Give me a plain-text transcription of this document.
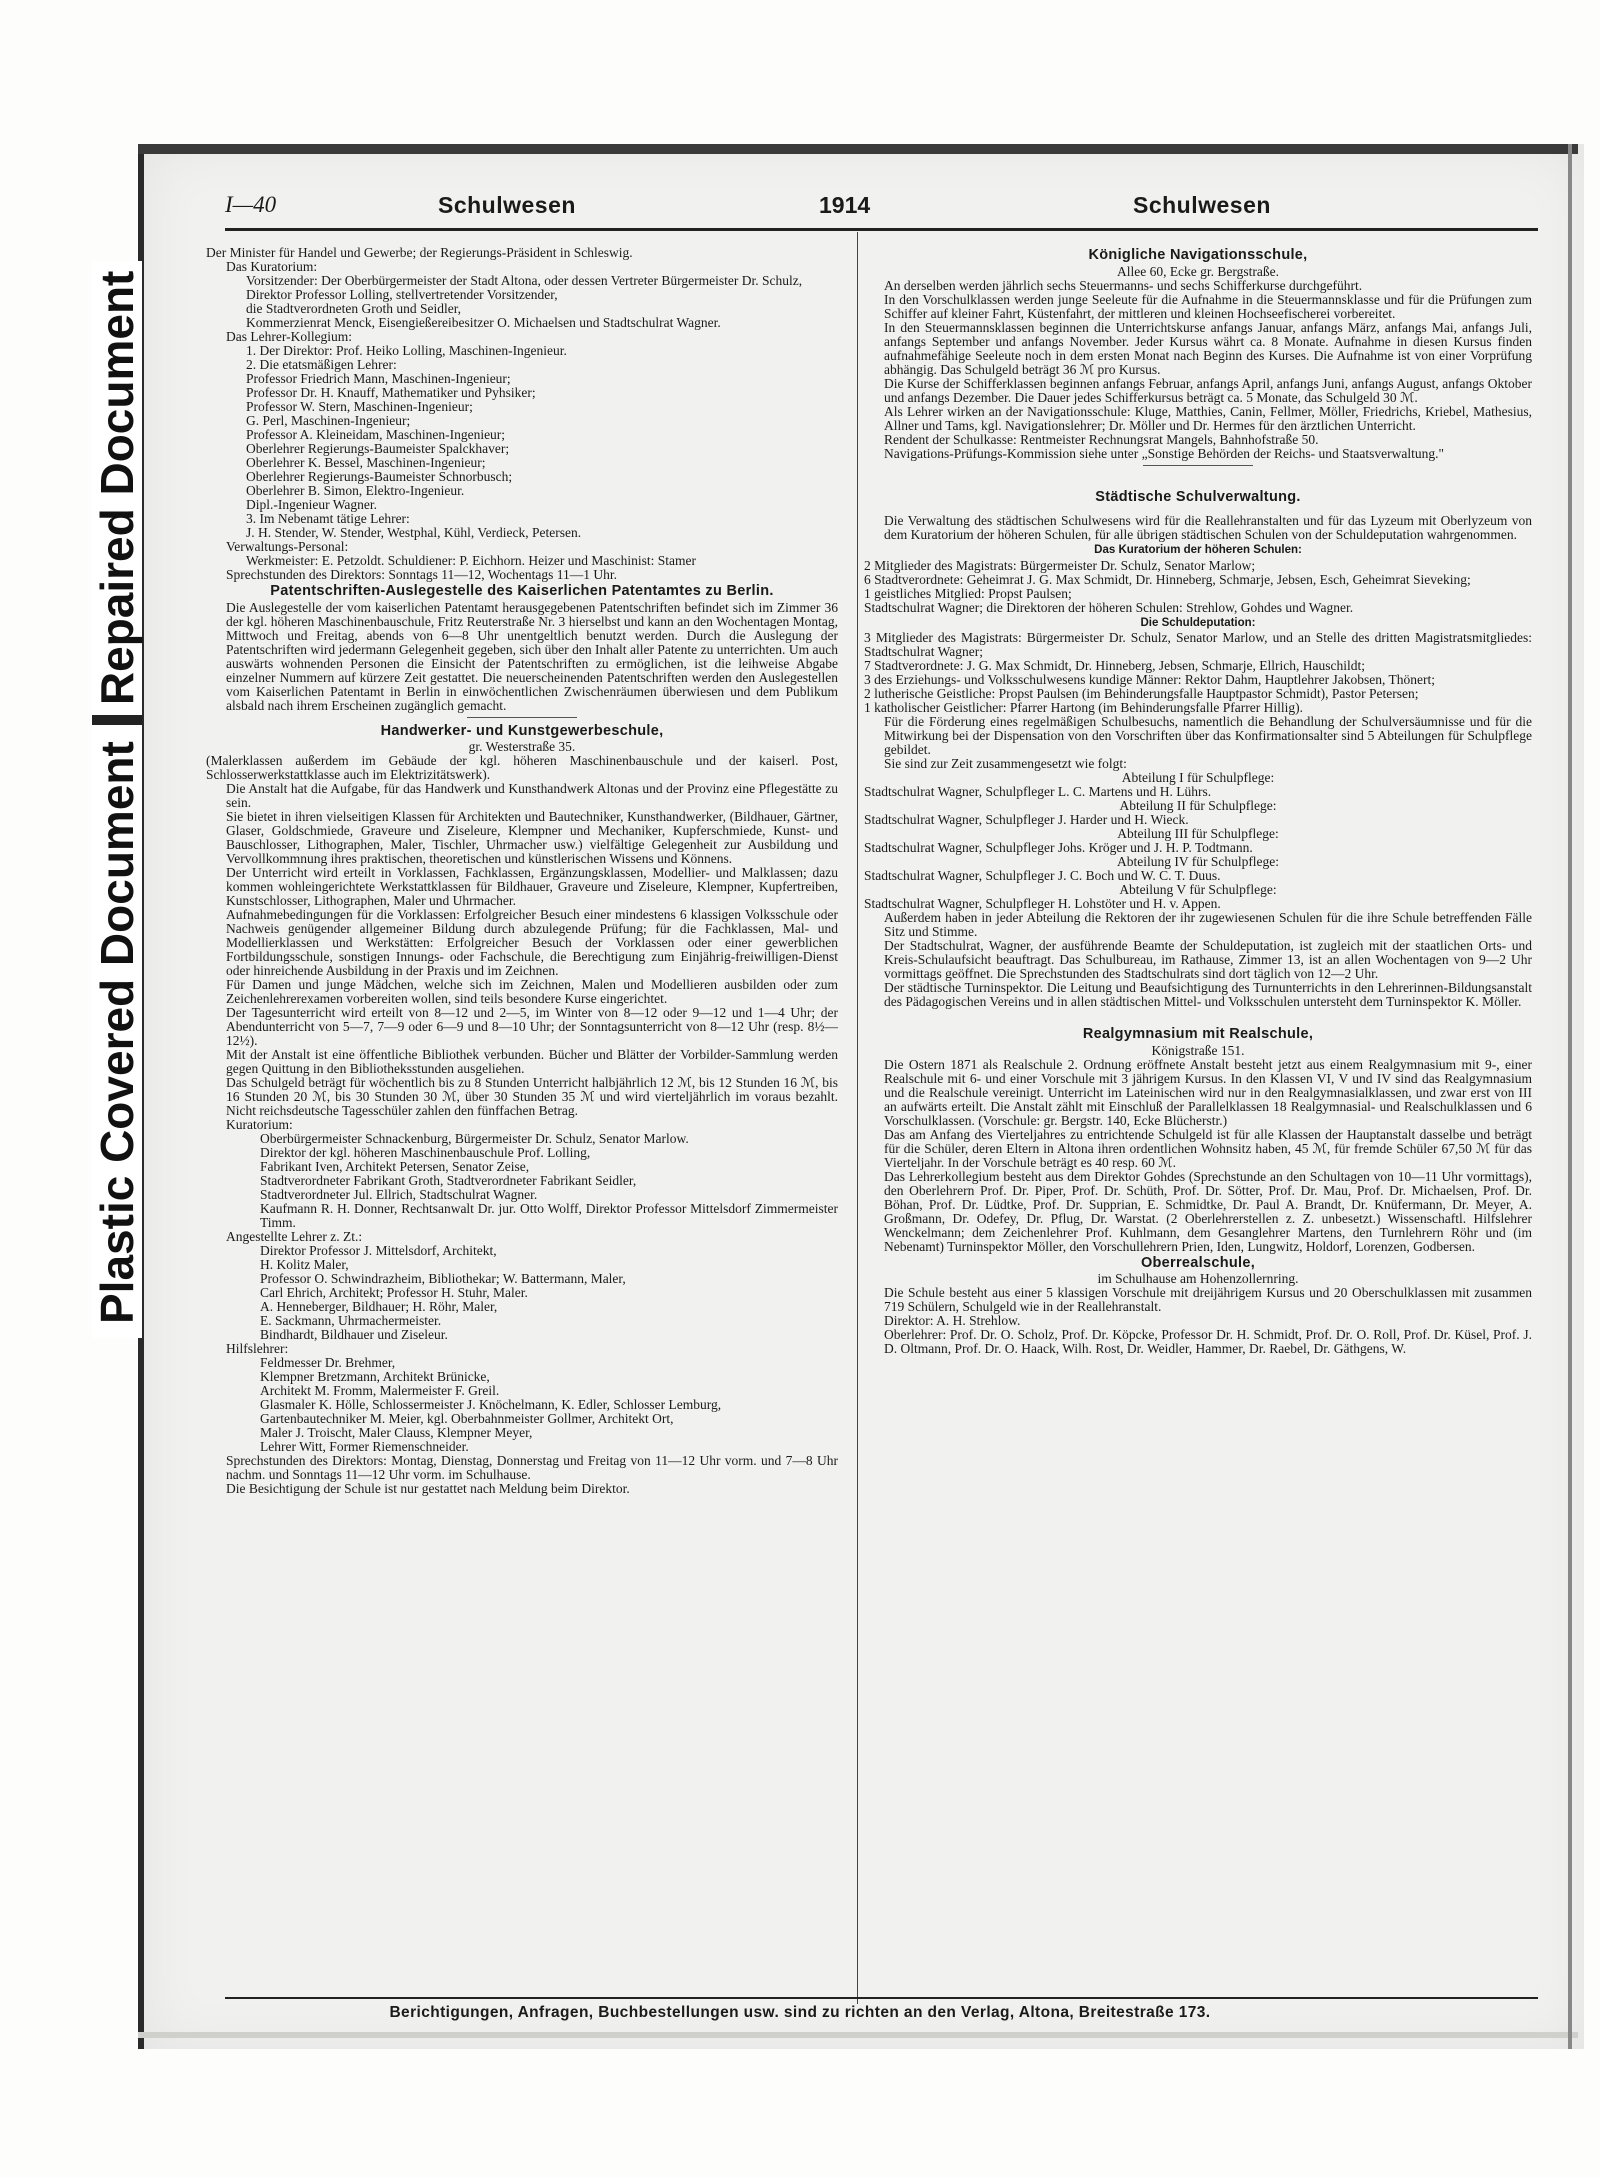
Plastic Covered Document
Repaired Document
I—40	Schulwesen	1914	Schulwesen

Der Minister für Handel und Gewerbe; der Regierungs-Präsident in Schleswig.

Das Kuratorium:

Vorsitzender: Der Oberbürgermeister der Stadt Altona, oder dessen Vertreter Bürgermeister Dr. Schulz,

Direktor Professor Lolling, stellvertretender Vorsitzender,

die Stadtverordneten Groth und Seidler,

Kommerzienrat Menck, Eisengießereibesitzer O. Michaelsen und Stadtschulrat Wagner.

Das Lehrer-Kollegium:

1. Der Direktor: Prof. Heiko Lolling, Maschinen-Ingenieur.

2. Die etatsmäßigen Lehrer:

Professor Friedrich Mann, Maschinen-Ingenieur;

Professor Dr. H. Knauff, Mathematiker und Pyhsiker;

Professor W. Stern, Maschinen-Ingenieur;

G. Perl, Maschinen-Ingenieur;

Professor A. Kleineidam, Maschinen-Ingenieur;

Oberlehrer Regierungs-Baumeister Spalckhaver;

Oberlehrer K. Bessel, Maschinen-Ingenieur;

Oberlehrer Regierungs-Baumeister Schnorbusch;

Oberlehrer B. Simon, Elektro-Ingenieur.

Dipl.-Ingenieur Wagner.

3. Im Nebenamt tätige Lehrer:

J. H. Stender, W. Stender, Westphal, Kühl, Verdieck, Petersen.

Verwaltungs-Personal:

Werkmeister: E. Petzoldt. Schuldiener: P. Eichhorn. Heizer und Maschinist: Stamer

Sprechstunden des Direktors: Sonntags 11—12, Wochentags 11—1 Uhr.

Patentschriften-Auslegestelle des Kaiserlichen Patentamtes zu Berlin.

Die Auslegestelle der vom kaiserlichen Patentamt herausgegebenen Patentschriften befindet sich im Zimmer 36 der kgl. höheren Maschinenbauschule, Fritz Reuterstraße Nr. 3 hierselbst und kann an den Wochentagen Montag, Mittwoch und Freitag, abends von 6—8 Uhr unentgeltlich benutzt werden. Durch die Auslegung der Patentschriften wird jedermann Gelegenheit gegeben, sich über den Inhalt aller Patente zu unterrichten. Um auch auswärts wohnenden Personen die Einsicht der Patentschriften zu ermöglichen, ist die leihweise Abgabe einzelner Nummern auf kürzere Zeit gestattet. Die neuerscheinenden Patentschriften werden den Auslegestellen vom Kaiserlichen Patentamt in Berlin in einwöchentlichen Zwischenräumen überwiesen und dem Publikum alsbald nach ihrem Erscheinen zugänglich gemacht.

Handwerker- und Kunstgewerbeschule,

gr. Westerstraße 35.

(Malerklassen außerdem im Gebäude der kgl. höheren Maschinenbauschule und der kaiserl. Post, Schlosserwerkstattklasse auch im Elektrizitätswerk).

Die Anstalt hat die Aufgabe, für das Handwerk und Kunsthandwerk Altonas und der Provinz eine Pflegestätte zu sein.

Sie bietet in ihren vielseitigen Klassen für Architekten und Bautechniker, Kunsthandwerker, (Bildhauer, Gärtner, Glaser, Goldschmiede, Graveure und Ziseleure, Klempner und Mechaniker, Kupferschmiede, Kunst- und Bauschlosser, Lithographen, Maler, Tischler, Uhrmacher usw.) vielfältige Gelegenheit zur Ausbildung und Vervollkommnung ihres praktischen, theoretischen und künstlerischen Wissens und Könnens.

Der Unterricht wird erteilt in Vorklassen, Fachklassen, Ergänzungsklassen, Modellier- und Malklassen; dazu kommen wohleingerichtete Werkstattklassen für Bildhauer, Graveure und Ziseleure, Klempner, Kupfertreiben, Kunstschlosser, Lithographen, Maler und Uhrmacher.

Aufnahmebedingungen für die Vorklassen: Erfolgreicher Besuch einer mindestens 6 klassigen Volksschule oder Nachweis genügender allgemeiner Bildung durch abzulegende Prüfung; für die Fachklassen, Mal- und Modellierklassen und Werkstätten: Erfolgreicher Besuch der Vorklassen oder einer gewerblichen Fortbildungsschule, sonstigen Innungs- oder Fachschule, die Berechtigung zum Einjährig-freiwilligen-Dienst oder hinreichende Ausbildung in der Praxis und im Zeichnen.

Für Damen und junge Mädchen, welche sich im Zeichnen, Malen und Modellieren ausbilden oder zum Zeichenlehrerexamen vorbereiten wollen, sind teils besondere Kurse eingerichtet.

Der Tagesunterricht wird erteilt von 8—12 und 2—5, im Winter von 8—12 oder 9—12 und 1—4 Uhr; der Abendunterricht von 5—7, 7—9 oder 6—9 und 8—10 Uhr; der Sonntagsunterricht von 8—12 Uhr (resp. 8½—12½).

Mit der Anstalt ist eine öffentliche Bibliothek verbunden. Bücher und Blätter der Vorbilder-Sammlung werden gegen Quittung in den Bibliotheksstunden ausgeliehen.

Das Schulgeld beträgt für wöchentlich bis zu 8 Stunden Unterricht halbjährlich 12 ℳ, bis 12 Stunden 16 ℳ, bis 16 Stunden 20 ℳ, bis 30 Stunden 30 ℳ, über 30 Stunden 35 ℳ und wird vierteljährlich im voraus bezahlt. Nicht reichsdeutsche Tagesschüler zahlen den fünffachen Betrag.

Kuratorium:

Oberbürgermeister Schnackenburg, Bürgermeister Dr. Schulz, Senator Marlow.

Direktor der kgl. höheren Maschinenbauschule Prof. Lolling,

Fabrikant Iven, Architekt Petersen, Senator Zeise,

Stadtverordneter Fabrikant Groth, Stadtverordneter Fabrikant Seidler,

Stadtverordneter Jul. Ellrich, Stadtschulrat Wagner.

Kaufmann R. H. Donner, Rechtsanwalt Dr. jur. Otto Wolff, Direktor Professor Mittelsdorf Zimmermeister Timm.

Angestellte Lehrer z. Zt.:

Direktor Professor J. Mittelsdorf, Architekt,

H. Kolitz Maler,

Professor O. Schwindrazheim, Bibliothekar; W. Battermann, Maler,

Carl Ehrich, Architekt; Professor H. Stuhr, Maler.

A. Henneberger, Bildhauer; H. Röhr, Maler,

E. Sackmann, Uhrmachermeister.

Bindhardt, Bildhauer und Ziseleur.

Hilfslehrer:

Feldmesser Dr. Brehmer,

Klempner Bretzmann, Architekt Brünicke,

Architekt M. Fromm, Malermeister F. Greil.

Glasmaler K. Hölle, Schlossermeister J. Knöchelmann, K. Edler, Schlosser Lemburg,

Gartenbautechniker M. Meier, kgl. Oberbahnmeister Gollmer, Architekt Ort,

Maler J. Troischt, Maler Clauss, Klempner Meyer,

Lehrer Witt, Former Riemenschneider.

Sprechstunden des Direktors: Montag, Dienstag, Donnerstag und Freitag von 11—12 Uhr vorm. und 7—8 Uhr nachm. und Sonntags 11—12 Uhr vorm. im Schulhause.

Die Besichtigung der Schule ist nur gestattet nach Meldung beim Direktor.

Königliche Navigationsschule,

Allee 60, Ecke gr. Bergstraße.

An derselben werden jährlich sechs Steuermanns- und sechs Schifferkurse durchgeführt.

In den Vorschulklassen werden junge Seeleute für die Aufnahme in die Steuermannsklasse und für die Prüfungen zum Schiffer auf kleiner Fahrt, Küstenfahrt, der mittleren und kleinen Hochseefischerei vorbereitet.

In den Steuermannsklassen beginnen die Unterrichtskurse anfangs Januar, anfangs März, anfangs Mai, anfangs Juli, anfangs September und anfangs November. Jeder Kursus währt ca. 8 Monate. Aufnahme in diesen Kursus finden aufnahmefähige Seeleute noch in dem ersten Monat nach Beginn des Kurses. Die Aufnahme ist von einer Vorprüfung abhängig. Das Schulgeld beträgt 36 ℳ pro Kursus.

Die Kurse der Schifferklassen beginnen anfangs Februar, anfangs April, anfangs Juni, anfangs August, anfangs Oktober und anfangs Dezember. Die Dauer jedes Schifferkursus beträgt ca. 5 Monate, das Schulgeld 30 ℳ.

Als Lehrer wirken an der Navigationsschule: Kluge, Matthies, Canin, Fellmer, Möller, Friedrichs, Kriebel, Mathesius, Allner und Tams, kgl. Navigationslehrer; Dr. Möller und Dr. Hermes für den ärztlichen Unterricht.

Rendent der Schulkasse: Rentmeister Rechnungsrat Mangels, Bahnhofstraße 50.

Navigations-Prüfungs-Kommission siehe unter „Sonstige Behörden der Reichs- und Staatsverwaltung."

Städtische Schulverwaltung.

Die Verwaltung des städtischen Schulwesens wird für die Reallehranstalten und für das Lyzeum mit Oberlyzeum von dem Kuratorium der höheren Schulen, für alle übrigen städtischen Schulen von der Schuldeputation wahrgenommen.

Das Kuratorium der höheren Schulen:

2 Mitglieder des Magistrats: Bürgermeister Dr. Schulz, Senator Marlow;

6 Stadtverordnete: Geheimrat J. G. Max Schmidt, Dr. Hinneberg, Schmarje, Jebsen, Esch, Geheimrat Sieveking;

1 geistliches Mitglied: Propst Paulsen;

Stadtschulrat Wagner; die Direktoren der höheren Schulen: Strehlow, Gohdes und Wagner.

Die Schuldeputation:

3 Mitglieder des Magistrats: Bürgermeister Dr. Schulz, Senator Marlow, und an Stelle des dritten Magistratsmitgliedes: Stadtschulrat Wagner;

7 Stadtverordnete: J. G. Max Schmidt, Dr. Hinneberg, Jebsen, Schmarje, Ellrich, Hauschildt;

3 des Erziehungs- und Volksschulwesens kundige Männer: Rektor Dahm, Hauptlehrer Jakobsen, Thönert;

2 lutherische Geistliche: Propst Paulsen (im Behinderungsfalle Hauptpastor Schmidt), Pastor Petersen;

1 katholischer Geistlicher: Pfarrer Hartong (im Behinderungsfalle Pfarrer Hillig).

Für die Förderung eines regelmäßigen Schulbesuchs, namentlich die Behandlung der Schulversäumnisse und für die Mitwirkung bei der Dispensation von den Vorschriften über das Konfirmationsalter sind 5 Abteilungen für Schulpflege gebildet.

Sie sind zur Zeit zusammengesetzt wie folgt:

Abteilung I für Schulpflege:

Stadtschulrat Wagner, Schulpfleger L. C. Martens und H. Lührs.

Abteilung II für Schulpflege:

Stadtschulrat Wagner, Schulpfleger J. Harder und H. Wieck.

Abteilung III für Schulpflege:

Stadtschulrat Wagner, Schulpfleger Johs. Kröger und J. H. P. Todtmann.

Abteilung IV für Schulpflege:

Stadtschulrat Wagner, Schulpfleger J. C. Boch und W. C. T. Duus.

Abteilung V für Schulpflege:

Stadtschulrat Wagner, Schulpfleger H. Lohstöter und H. v. Appen.

Außerdem haben in jeder Abteilung die Rektoren der ihr zugewiesenen Schulen für die ihre Schule betreffenden Fälle Sitz und Stimme.

Der Stadtschulrat, Wagner, der ausführende Beamte der Schuldeputation, ist zugleich mit der staatlichen Orts- und Kreis-Schulaufsicht beauftragt. Das Schulbureau, im Rathause, Zimmer 13, ist an allen Wochentagen von 9—2 Uhr vormittags geöffnet. Die Sprechstunden des Stadtschulrats sind dort täglich von 12—2 Uhr.

Der städtische Turninspektor. Die Leitung und Beaufsichtigung des Turnunterrichts in den Lehrerinnen-Bildungsanstalt des Pädagogischen Vereins und in allen städtischen Mittel- und Volksschulen untersteht dem Turninspektor K. Möller.

Realgymnasium mit Realschule,

Königstraße 151.

Die Ostern 1871 als Realschule 2. Ordnung eröffnete Anstalt besteht jetzt aus einem Realgymnasium mit 9-, einer Realschule mit 6- und einer Vorschule mit 3 jährigem Kursus. In den Klassen VI, V und IV sind das Realgymnasium und die Realschule vereinigt. Unterricht im Lateinischen wird nur in den Realgymnasialklassen, und zwar erst von III an aufwärts erteilt. Die Anstalt zählt mit Einschluß der Parallelklassen 18 Realgymnasial- und Realschulklassen und 6 Vorschulklassen. (Vorschule: gr. Bergstr. 140, Ecke Blücherstr.)

Das am Anfang des Vierteljahres zu entrichtende Schulgeld ist für alle Klassen der Hauptanstalt dasselbe und beträgt für die Schüler, deren Eltern in Altona ihren ordentlichen Wohnsitz haben, 45 ℳ, für fremde Schüler 67,50 ℳ für das Vierteljahr. In der Vorschule beträgt es 40 resp. 60 ℳ.

Das Lehrerkollegium besteht aus dem Direktor Gohdes (Sprechstunde an den Schultagen von 10—11 Uhr vormittags), den Oberlehrern Prof. Dr. Piper, Prof. Dr. Schüth, Prof. Dr. Sötter, Prof. Dr. Mau, Prof. Dr. Michaelsen, Prof. Dr. Böhan, Prof. Dr. Lüdtke, Prof. Dr. Supprian, E. Schmidtke, Dr. Paul A. Brandt, Dr. Knüfermann, Dr. Meyer, A. Großmann, Dr. Odefey, Dr. Pflug, Dr. Warstat. (2 Oberlehrerstellen z. Z. unbesetzt.) Wissenschaftl. Hilfslehrer Wenckelmann; dem Zeichenlehrer Prof. Kuhlmann, dem Gesanglehrer Martens, den Turnlehrern Röhr und (im Nebenamt) Turninspektor Möller, den Vorschullehrern Prien, Iden, Lungwitz, Holdorf, Lorenzen, Godbersen.

Oberrealschule,

im Schulhause am Hohenzollernring.

Die Schule besteht aus einer 5 klassigen Vorschule mit dreijährigem Kursus und 20 Oberschulklassen mit zusammen 719 Schülern, Schulgeld wie in der Reallehranstalt.

Direktor: A. H. Strehlow.

Oberlehrer: Prof. Dr. O. Scholz, Prof. Dr. Köpcke, Professor Dr. H. Schmidt, Prof. Dr. O. Roll, Prof. Dr. Küsel, Prof. J. D. Oltmann, Prof. Dr. O. Haack, Wilh. Rost, Dr. Weidler, Hammer, Dr. Raebel, Dr. Gäthgens, W.

Berichtigungen, Anfragen, Buchbestellungen usw. sind zu richten an den Verlag, Altona, Breitestraße 173.
